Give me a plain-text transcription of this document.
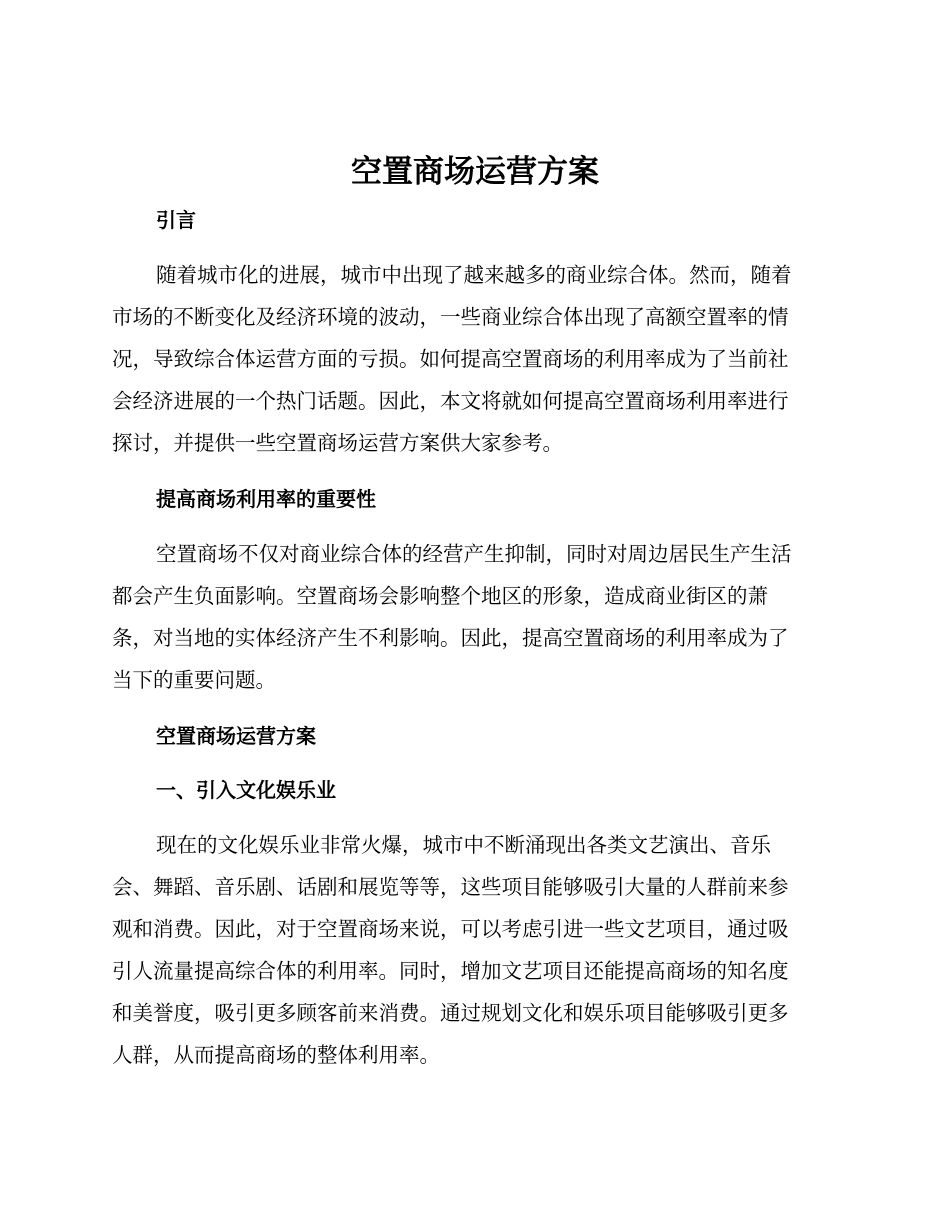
空置商场运营方案
引言

随着城市化的进展，城市中出现了越来越多的商业综合体。然而，随着
市场的不断变化及经济环境的波动，一些商业综合体出现了高额空置率的情
况，导致综合体运营方面的亏损。如何提高空置商场的利用率成为了当前社
会经济进展的一个热门话题。因此，本文将就如何提高空置商场利用率进行
探讨，并提供一些空置商场运营方案供大家参考。

提高商场利用率的重要性

空置商场不仅对商业综合体的经营产生抑制，同时对周边居民生产生活
都会产生负面影响。空置商场会影响整个地区的形象，造成商业街区的萧
条，对当地的实体经济产生不利影响。因此，提高空置商场的利用率成为了
当下的重要问题。

空置商场运营方案
一、引入文化娱乐业

现在的文化娱乐业非常火爆，城市中不断涌现出各类文艺演出、音乐
会、舞蹈、音乐剧、话剧和展览等等，这些项目能够吸引大量的人群前来参
观和消费。因此，对于空置商场来说，可以考虑引进一些文艺项目，通过吸
引人流量提高综合体的利用率。同时，增加文艺项目还能提高商场的知名度
和美誉度，吸引更多顾客前来消费。通过规划文化和娱乐项目能够吸引更多
人群，从而提高商场的整体利用率。
